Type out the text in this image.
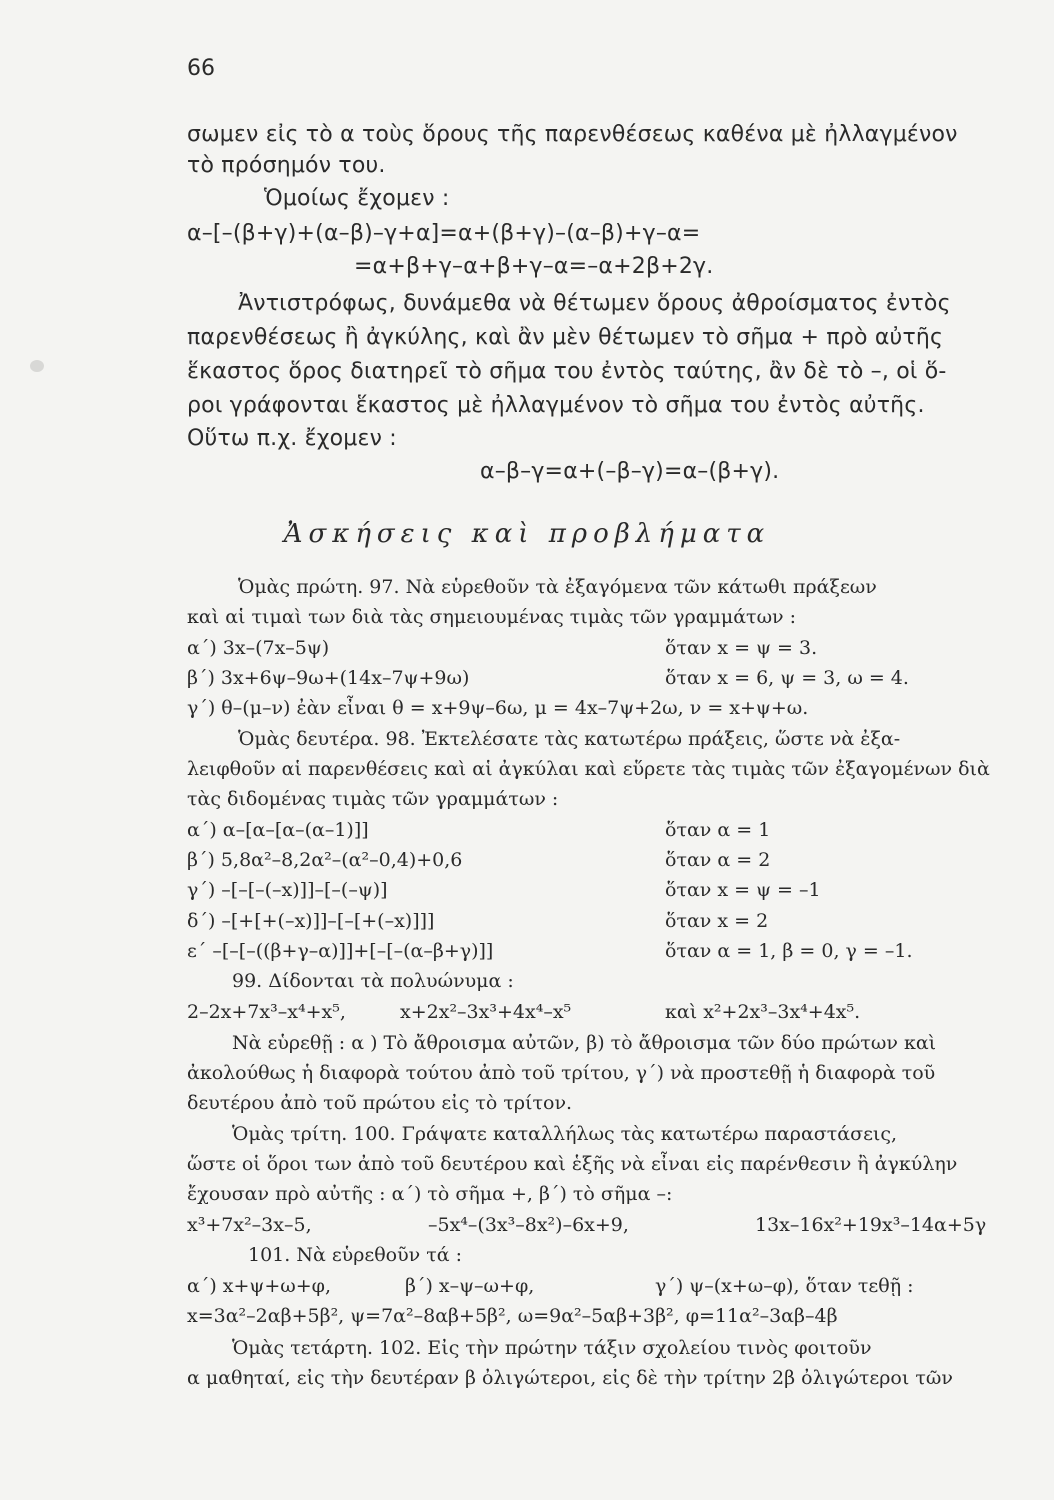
66
σωμεν εἰς τὸ α τοὺς ὅρους τῆς παρενθέσεως καθένα μὲ ἠλλαγμένον
τὸ πρόσημόν του.
Ὁμοίως ἔχομεν :
α–[–(β+γ)+(α–β)–γ+α]=α+(β+γ)–(α–β)+γ–α=
=α+β+γ–α+β+γ–α=–α+2β+2γ.
Ἀντιστρόφως, δυνάμεθα νὰ θέτωμεν ὅρους ἀθροίσματος ἐντὸς
παρενθέσεως ἢ ἀγκύλης, καὶ ἂν μὲν θέτωμεν τὸ σῆμα + πρὸ αὐτῆς
ἕκαστος ὅρος διατηρεῖ τὸ σῆμα του ἐντὸς ταύτης, ἂν δὲ τὸ –, οἱ ὅ-
ροι γράφονται ἕκαστος μὲ ἠλλαγμένον τὸ σῆμα του ἐντὸς αὐτῆς.
Οὕτω π.χ. ἔχομεν :
α–β–γ=α+(–β–γ)=α–(β+γ).
Ἀσκήσεις καὶ προβλήματα
Ὁμὰς πρώτη. 97. Νὰ εὑρεθοῦν τὰ ἐξαγόμενα τῶν κάτωθι πράξεων
καὶ αἱ τιμαὶ των διὰ τὰς σημειουμένας τιμὰς τῶν γραμμάτων :
α΄) 3x–(7x–5ψ)	ὅταν x = ψ = 3.
β΄) 3x+6ψ–9ω+(14x–7ψ+9ω)	ὅταν x = 6, ψ = 3, ω = 4.
γ΄) θ–(μ–ν) ἐὰν εἶναι θ = x+9ψ–6ω, μ = 4x–7ψ+2ω, ν = x+ψ+ω.
Ὁμὰς δευτέρα. 98. Ἐκτελέσατε τὰς κατωτέρω πράξεις, ὥστε νὰ ἐξα-
λειφθοῦν αἱ παρενθέσεις καὶ αἱ ἀγκύλαι καὶ εὕρετε τὰς τιμὰς τῶν ἐξαγομένων διὰ
τὰς διδομένας τιμὰς τῶν γραμμάτων :
α΄) α–[α–[α–(α–1)]]	ὅταν α = 1
β΄) 5,8α²–8,2α²–(α²–0,4)+0,6	ὅταν α = 2
γ΄) –[–[–(–x)]]–[–(–ψ)]	ὅταν x = ψ = –1
δ΄) –[+[+(–x)]]–[–[+(–x)]]]	ὅταν x = 2
ε΄ –[–[–((β+γ–α)]]+[–[–(α–β+γ)]]	ὅταν α = 1, β = 0, γ = –1.
99. Δίδονται τὰ πολυώνυμα :
2–2x+7x³–x⁴+x⁵,	x+2x²–3x³+4x⁴–x⁵	καὶ x²+2x³–3x⁴+4x⁵.
Νὰ εὑρεθῇ : α ) Τὸ ἄθροισμα αὐτῶν, β) τὸ ἄθροισμα τῶν δύο πρώτων καὶ
ἀκολούθως ἡ διαφορὰ τούτου ἀπὸ τοῦ τρίτου, γ΄) νὰ προστεθῇ ἡ διαφορὰ τοῦ
δευτέρου ἀπὸ τοῦ πρώτου εἰς τὸ τρίτον.
Ὁμὰς τρίτη. 100. Γράψατε καταλλήλως τὰς κατωτέρω παραστάσεις,
ὥστε οἱ ὅροι των ἀπὸ τοῦ δευτέρου καὶ ἑξῆς νὰ εἶναι εἰς παρένθεσιν ἢ ἀγκύλην
ἔχουσαν πρὸ αὐτῆς : α΄) τὸ σῆμα +, β΄) τὸ σῆμα –:
x³+7x²–3x–5,	–5x⁴–(3x³–8x²)–6x+9,	13x–16x²+19x³–14α+5γ
101. Νὰ εὑρεθοῦν τά :
α΄) x+ψ+ω+φ,	β΄) x–ψ–ω+φ,	γ΄) ψ–(x+ω–φ), ὅταν τεθῇ :
x=3α²–2αβ+5β², ψ=7α²–8αβ+5β², ω=9α²–5αβ+3β², φ=11α²–3αβ–4β
Ὁμὰς τετάρτη. 102. Εἰς τὴν πρώτην τάξιν σχολείου τινὸς φοιτοῦν
α μαθηταί, εἰς τὴν δευτέραν β ὀλιγώτεροι, εἰς δὲ τὴν τρίτην 2β ὀλιγώτεροι τῶν
